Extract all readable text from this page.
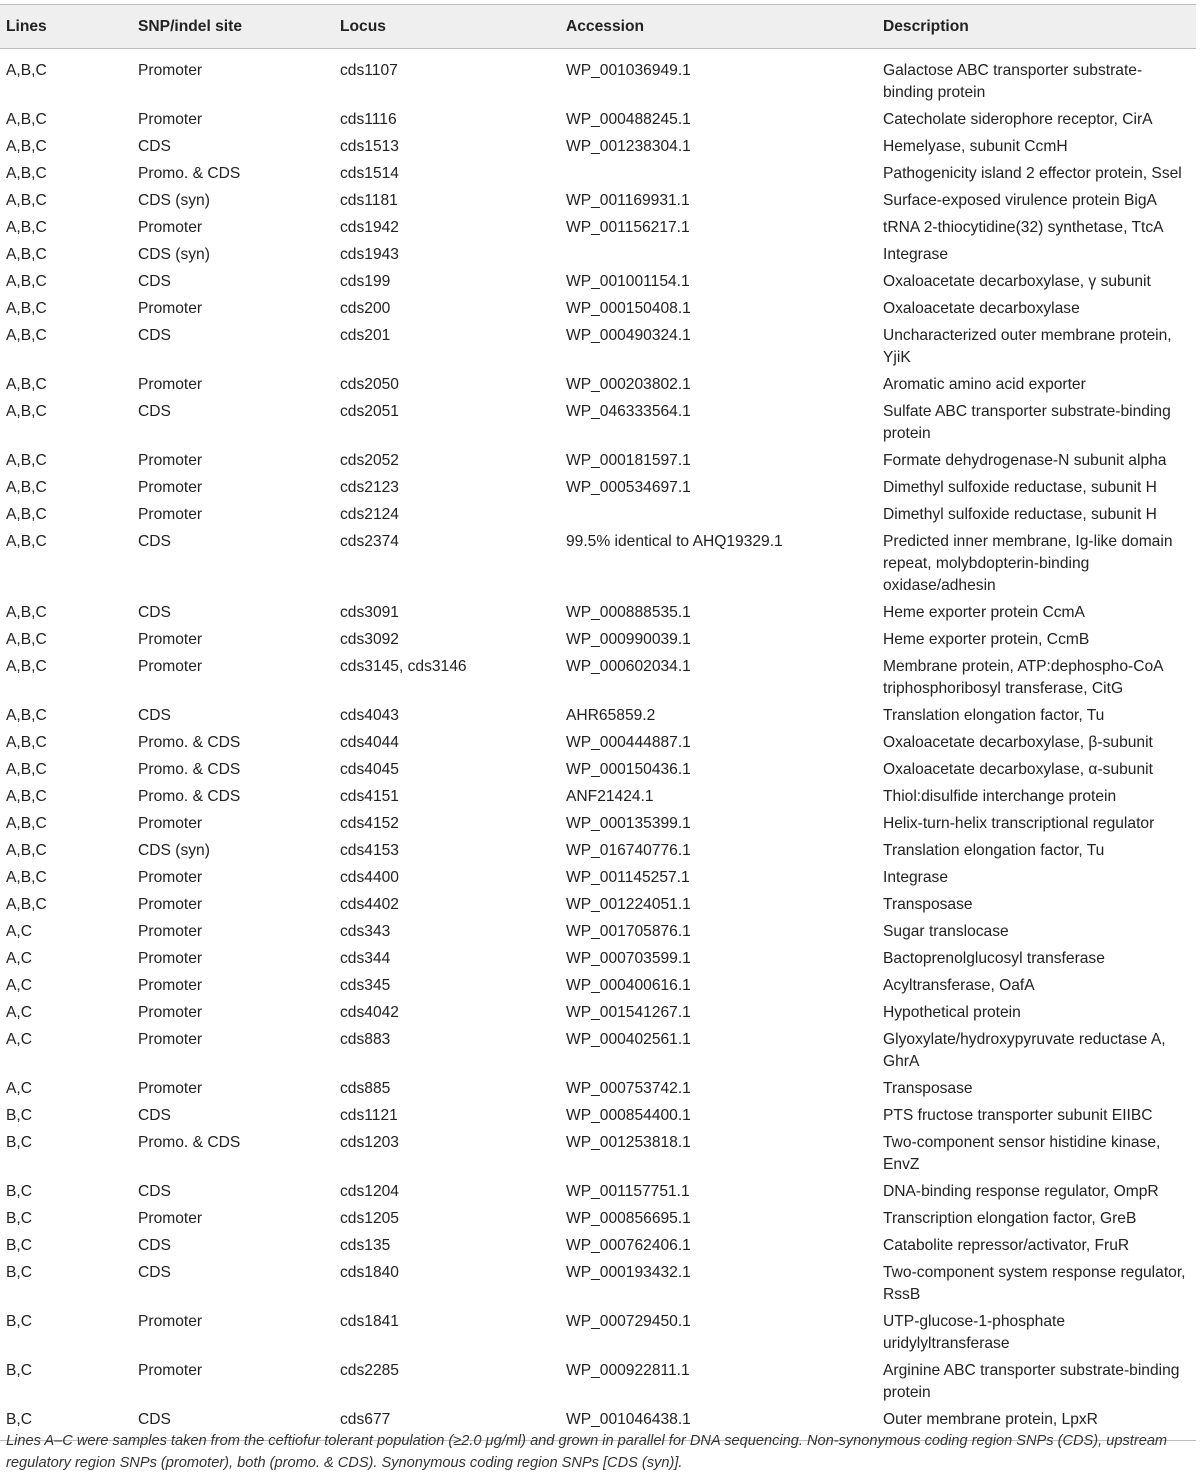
Lines	SNP/indel site	Locus	Accession	Description
A,B,C	Promoter	cds1107	WP_001036949.1	Galactose ABC transporter substrate-binding protein
A,B,C	Promoter	cds1116	WP_000488245.1	Catecholate siderophore receptor, CirA
A,B,C	CDS	cds1513	WP_001238304.1	Hemelyase, subunit CcmH
A,B,C	Promo. & CDS	cds1514		Pathogenicity island 2 effector protein, Ssel
A,B,C	CDS (syn)	cds1181	WP_001169931.1	Surface-exposed virulence protein BigA
A,B,C	Promoter	cds1942	WP_001156217.1	tRNA 2-thiocytidine(32) synthetase, TtcA
A,B,C	CDS (syn)	cds1943		Integrase
A,B,C	CDS	cds199	WP_001001154.1	Oxaloacetate decarboxylase, γ subunit
A,B,C	Promoter	cds200	WP_000150408.1	Oxaloacetate decarboxylase
A,B,C	CDS	cds201	WP_000490324.1	Uncharacterized outer membrane protein, YjiK
A,B,C	Promoter	cds2050	WP_000203802.1	Aromatic amino acid exporter
A,B,C	CDS	cds2051	WP_046333564.1	Sulfate ABC transporter substrate-binding protein
A,B,C	Promoter	cds2052	WP_000181597.1	Formate dehydrogenase-N subunit alpha
A,B,C	Promoter	cds2123	WP_000534697.1	Dimethyl sulfoxide reductase, subunit H
A,B,C	Promoter	cds2124		Dimethyl sulfoxide reductase, subunit H
A,B,C	CDS	cds2374	99.5% identical to AHQ19329.1	Predicted inner membrane, Ig-like domain repeat, molybdopterin-binding oxidase/adhesin
A,B,C	CDS	cds3091	WP_000888535.1	Heme exporter protein CcmA
A,B,C	Promoter	cds3092	WP_000990039.1	Heme exporter protein, CcmB
A,B,C	Promoter	cds3145, cds3146	WP_000602034.1	Membrane protein, ATP:dephospho-CoA triphosphoribosyl transferase, CitG
A,B,C	CDS	cds4043	AHR65859.2	Translation elongation factor, Tu
A,B,C	Promo. & CDS	cds4044	WP_000444887.1	Oxaloacetate decarboxylase, β-subunit
A,B,C	Promo. & CDS	cds4045	WP_000150436.1	Oxaloacetate decarboxylase, α-subunit
A,B,C	Promo. & CDS	cds4151	ANF21424.1	Thiol:disulfide interchange protein
A,B,C	Promoter	cds4152	WP_000135399.1	Helix-turn-helix transcriptional regulator
A,B,C	CDS (syn)	cds4153	WP_016740776.1	Translation elongation factor, Tu
A,B,C	Promoter	cds4400	WP_001145257.1	Integrase
A,B,C	Promoter	cds4402	WP_001224051.1	Transposase
A,C	Promoter	cds343	WP_001705876.1	Sugar translocase
A,C	Promoter	cds344	WP_000703599.1	Bactoprenolglucosyl transferase
A,C	Promoter	cds345	WP_000400616.1	Acyltransferase, OafA
A,C	Promoter	cds4042	WP_001541267.1	Hypothetical protein
A,C	Promoter	cds883	WP_000402561.1	Glyoxylate/hydroxypyruvate reductase A, GhrA
A,C	Promoter	cds885	WP_000753742.1	Transposase
B,C	CDS	cds1121	WP_000854400.1	PTS fructose transporter subunit EIIBC
B,C	Promo. & CDS	cds1203	WP_001253818.1	Two-component sensor histidine kinase, EnvZ
B,C	CDS	cds1204	WP_001157751.1	DNA-binding response regulator, OmpR
B,C	Promoter	cds1205	WP_000856695.1	Transcription elongation factor, GreB
B,C	CDS	cds135	WP_000762406.1	Catabolite repressor/activator, FruR
B,C	CDS	cds1840	WP_000193432.1	Two-component system response regulator, RssB
B,C	Promoter	cds1841	WP_000729450.1	UTP-glucose-1-phosphate uridylyltransferase
B,C	Promoter	cds2285	WP_000922811.1	Arginine ABC transporter substrate-binding protein
B,C	CDS	cds677	WP_001046438.1	Outer membrane protein, LpxR
Lines A–C were samples taken from the ceftiofur tolerant population (≥2.0 μg/ml) and grown in parallel for DNA sequencing. Non-synonymous coding region SNPs (CDS), upstream regulatory region SNPs (promoter), both (promo. & CDS). Synonymous coding region SNPs [CDS (syn)].
